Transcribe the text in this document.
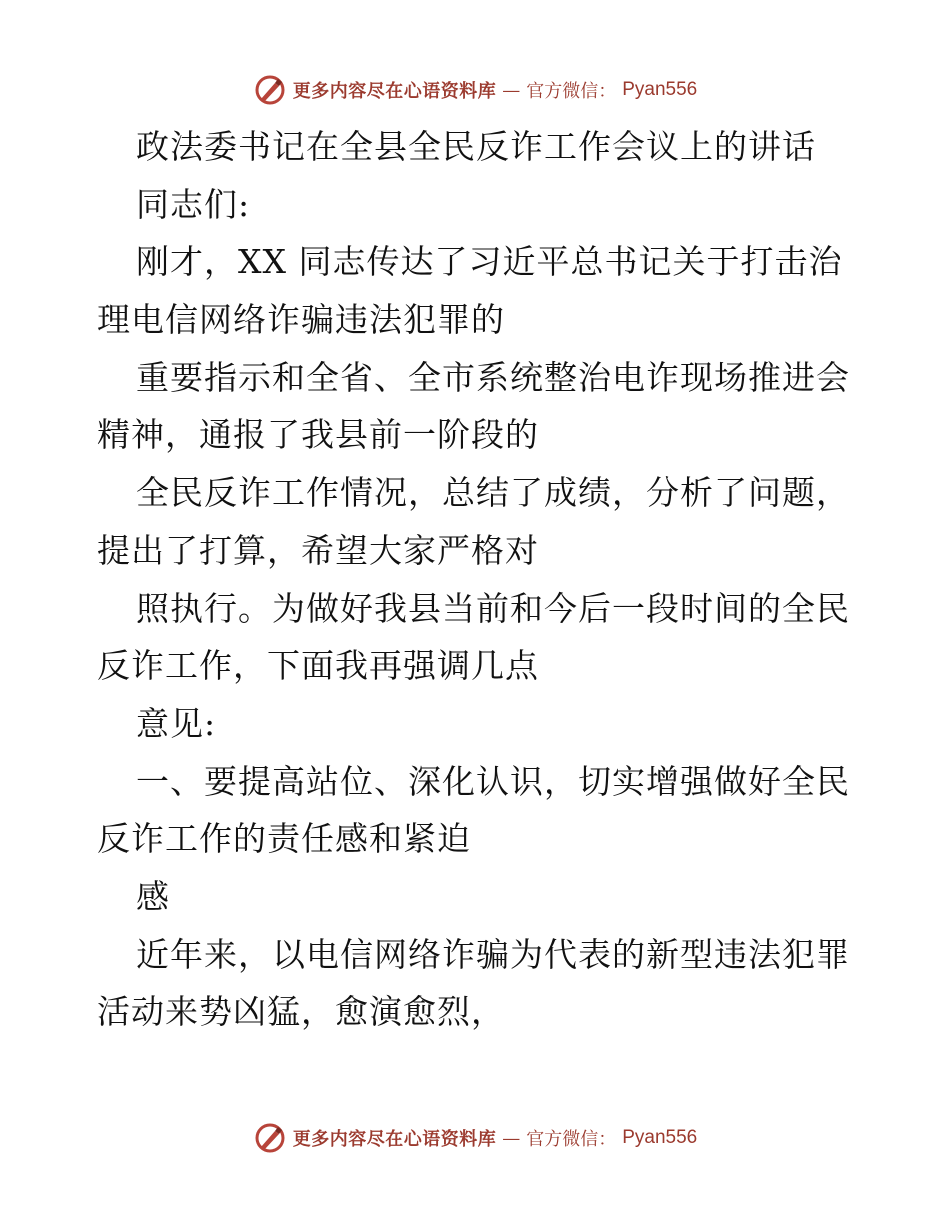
更多内容尽在心语资料库 — 官方微信： Pyan556
政法委书记在全县全民反诈工作会议上的讲话
同志们:
刚才，XX 同志传达了习近平总书记关于打击治
理电信网络诈骗违法犯罪的
重要指示和全省、全市系统整治电诈现场推进会
精神，通报了我县前一阶段的
全民反诈工作情况，总结了成绩，分析了问题，
提出了打算，希望大家严格对
照执行。为做好我县当前和今后一段时间的全民
反诈工作，下面我再强调几点
意见:
一、要提高站位、深化认识，切实增强做好全民
反诈工作的责任感和紧迫
感
近年来，以电信网络诈骗为代表的新型违法犯罪
活动来势凶猛，愈演愈烈，
更多内容尽在心语资料库 — 官方微信： Pyan556
